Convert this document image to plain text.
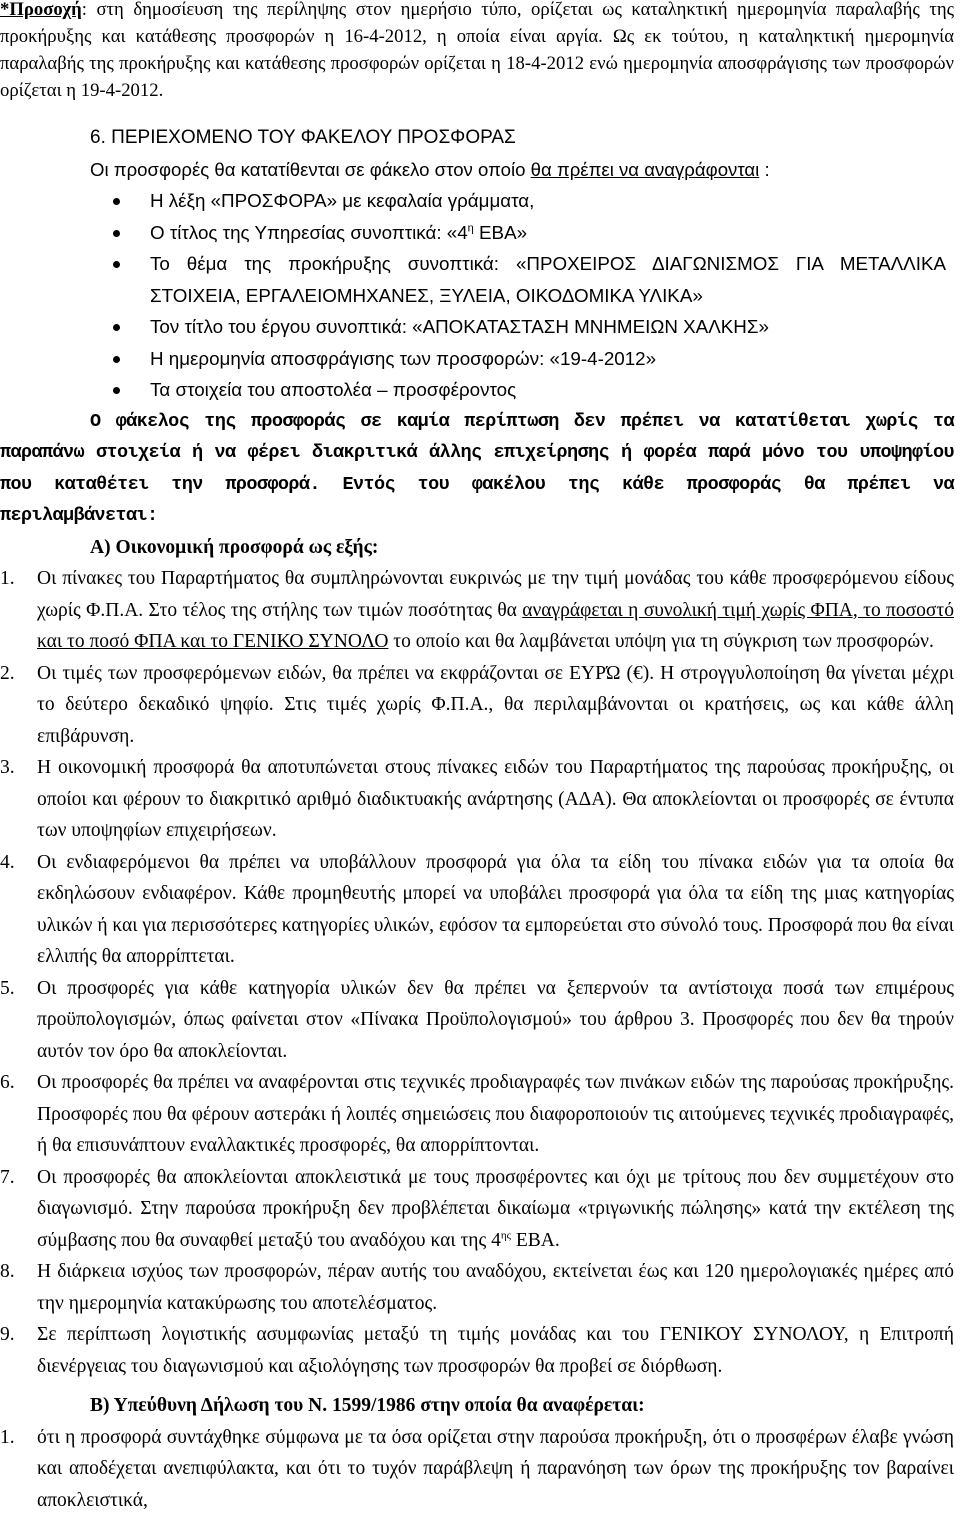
*Προσοχή: στη δημοσίευση της περίληψης στον ημερήσιο τύπο, ορίζεται ως καταληκτική ημερομηνία παραλαβής της προκήρυξης και κατάθεσης προσφορών η 16-4-2012, η οποία είναι αργία. Ως εκ τούτου, η καταληκτική ημερομηνία παραλαβής της προκήρυξης και κατάθεσης προσφορών ορίζεται η 18-4-2012 ενώ ημερομηνία αποσφράγισης των προσφορών ορίζεται η 19-4-2012.
6. ΠΕΡΙΕΧΟΜΕΝΟ ΤΟΥ ΦΑΚΕΛΟΥ ΠΡΟΣΦΟΡΑΣ
Οι προσφορές θα κατατίθενται σε φάκελο στον οποίο θα πρέπει να αναγράφονται :
Η λέξη «ΠΡΟΣΦΟΡΑ» με κεφαλαία γράμματα,
Ο τίτλος της Υπηρεσίας συνοπτικά: «$4^\eta$ ΕΒΑ»
Το θέμα της προκήρυξης συνοπτικά: «ΠΡΟΧΕΙΡΟΣ ΔΙΑΓΩΝΙΣΜΟΣ ΓΙΑ ΜΕΤΑΛΛΙΚΑ ΣΤΟΙΧΕΙΑ, ΕΡΓΑΛΕΙΟΜΗΧΑΝΕΣ, ΞΥΛΕΙΑ, ΟΙΚΟΔΟΜΙΚΑ ΥΛΙΚΑ»
Τον τίτλο του έργου συνοπτικά: «ΑΠΟΚΑΤΑΣΤΑΣΗ ΜΝΗΜΕΙΩΝ ΧΑΛΚΗΣ»
Η ημερομηνία αποσφράγισης των προσφορών: «19-4-2012»
Τα στοιχεία του αποστολέα – προσφέροντος
Ο φάκελος της προσφοράς σε καμία περίπτωση δεν πρέπει να κατατίθεται χωρίς τα παραπάνω στοιχεία ή να φέρει διακριτικά άλλης επιχείρησης ή φορέα παρά μόνο του υποψηφίου που καταθέτει την προσφορά. Εντός του φακέλου της κάθε προσφοράς θα πρέπει να περιλαμβάνεται:
Α) Οικονομική προσφορά ως εξής:
1. Οι πίνακες του Παραρτήματος θα συμπληρώνονται ευκρινώς με την τιμή μονάδας του κάθε προσφερόμενου είδους χωρίς Φ.Π.Α. Στο τέλος της στήλης των τιμών ποσότητας θα αναγράφεται η συνολική τιμή χωρίς ΦΠΑ, το ποσοστό και το ποσό ΦΠΑ και το ΓΕΝΙΚΟ ΣΥΝΟΛΟ το οποίο και θα λαμβάνεται υπόψη για τη σύγκριση των προσφορών.
2. Οι τιμές των προσφερόμενων ειδών, θα πρέπει να εκφράζονται σε ΕΥΡΏ (€). Η στρογγυλοποίηση θα γίνεται μέχρι το δεύτερο δεκαδικό ψηφίο. Στις τιμές χωρίς Φ.Π.Α., θα περιλαμβάνονται οι κρατήσεις, ως και κάθε άλλη επιβάρυνση.
3. Η οικονομική προσφορά θα αποτυπώνεται στους πίνακες ειδών του Παραρτήματος της παρούσας προκήρυξης, οι οποίοι και φέρουν το διακριτικό αριθμό διαδικτυακής ανάρτησης (ΑΔΑ). Θα αποκλείονται οι προσφορές σε έντυπα των υποψηφίων επιχειρήσεων.
4. Οι ενδιαφερόμενοι θα πρέπει να υποβάλλουν προσφορά για όλα τα είδη του πίνακα ειδών για τα οποία θα εκδηλώσουν ενδιαφέρον. Κάθε προμηθευτής μπορεί να υποβάλει προσφορά για όλα τα είδη της μιας κατηγορίας υλικών ή και για περισσότερες κατηγορίες υλικών, εφόσον τα εμπορεύεται στο σύνολό τους. Προσφορά που θα είναι ελλιπής θα απορρίπτεται.
5. Οι προσφορές για κάθε κατηγορία υλικών δεν θα πρέπει να ξεπερνούν τα αντίστοιχα ποσά των επιμέρους προϋπολογισμών, όπως φαίνεται στον «Πίνακα Προϋπολογισμού» του άρθρου 3. Προσφορές που δεν θα τηρούν αυτόν τον όρο θα αποκλείονται.
6. Οι προσφορές θα πρέπει να αναφέρονται στις τεχνικές προδιαγραφές των πινάκων ειδών της παρούσας προκήρυξης. Προσφορές που θα φέρουν αστεράκι ή λοιπές σημειώσεις που διαφοροποιούν τις αιτούμενες τεχνικές προδιαγραφές, ή θα επισυνάπτουν εναλλακτικές προσφορές, θα απορρίπτονται.
7. Οι προσφορές θα αποκλείονται αποκλειστικά με τους προσφέροντες και όχι με τρίτους που δεν συμμετέχουν στο διαγωνισμό. Στην παρούσα προκήρυξη δεν προβλέπεται δικαίωμα «τριγωνικής πώλησης» κατά την εκτέλεση της σύμβασης που θα συναφθεί μεταξύ του αναδόχου και της $4^{\eta\varsigma}$ ΕΒΑ.
8. Η διάρκεια ισχύος των προσφορών, πέραν αυτής του αναδόχου, εκτείνεται έως και 120 ημερολογιακές ημέρες από την ημερομηνία κατακύρωσης του αποτελέσματος.
9. Σε περίπτωση λογιστικής ασυμφωνίας μεταξύ τη τιμής μονάδας και του ΓΕΝΙΚΟΥ ΣΥΝΟΛΟΥ, η Επιτροπή διενέργειας του διαγωνισμού και αξιολόγησης των προσφορών θα προβεί σε διόρθωση.
Β) Υπεύθυνη Δήλωση του Ν. 1599/1986 στην οποία θα αναφέρεται:
1. ότι η προσφορά συντάχθηκε σύμφωνα με τα όσα ορίζεται στην παρούσα προκήρυξη, ότι ο προσφέρων έλαβε γνώση και αποδέχεται ανεπιφύλακτα, και ότι το τυχόν παράβλεψη ή παρανόηση των όρων της προκήρυξης τον βαραίνει αποκλειστικά,
